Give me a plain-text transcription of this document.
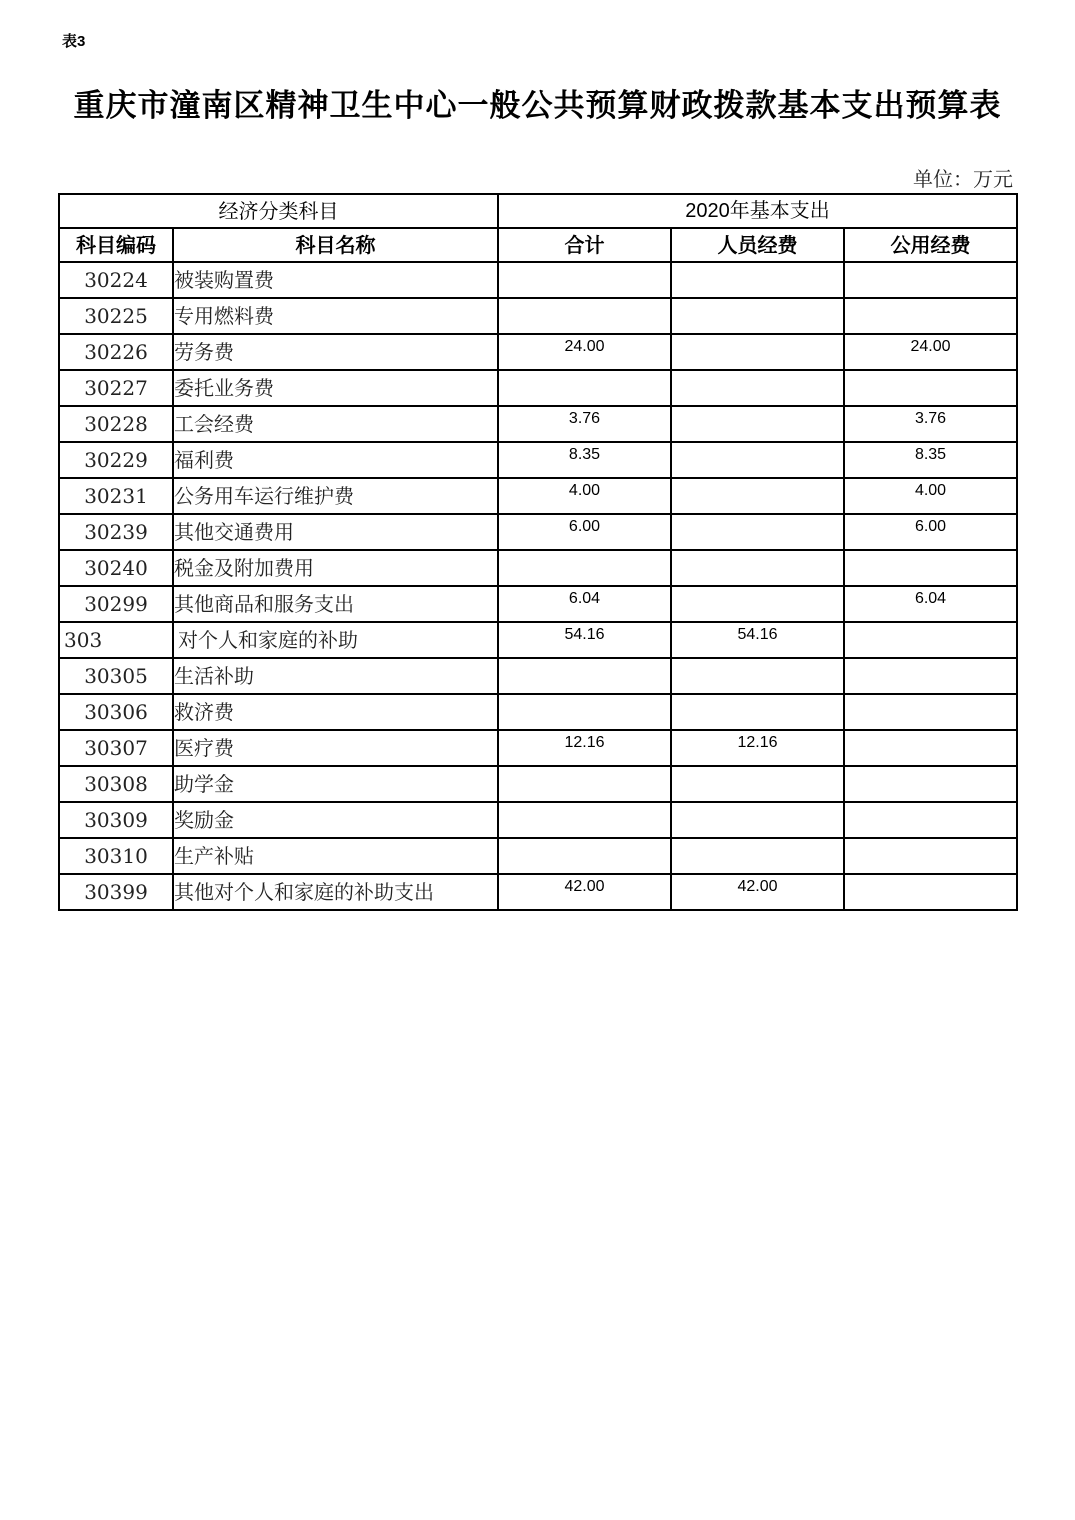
表3
重庆市潼南区精神卫生中心一般公共预算财政拨款基本支出预算表
单位：万元
经济分类科目		2020年基本支出		
科目编码	科目名称	合计	人员经费	公用经费
30224	被装购置费			
30225	专用燃料费			
30226	劳务费	24.00		24.00
30227	委托业务费			
30228	工会经费	3.76		3.76
30229	福利费	8.35		8.35
30231	公务用车运行维护费	4.00		4.00
30239	其他交通费用	6.00		6.00
30240	税金及附加费用			
30299	其他商品和服务支出	6.04		6.04
303	对个人和家庭的补助	54.16	54.16	
30305	生活补助			
30306	救济费			
30307	医疗费	12.16	12.16	
30308	助学金			
30309	奖励金			
30310	生产补贴			
30399	其他对个人和家庭的补助支出	42.00	42.00	
